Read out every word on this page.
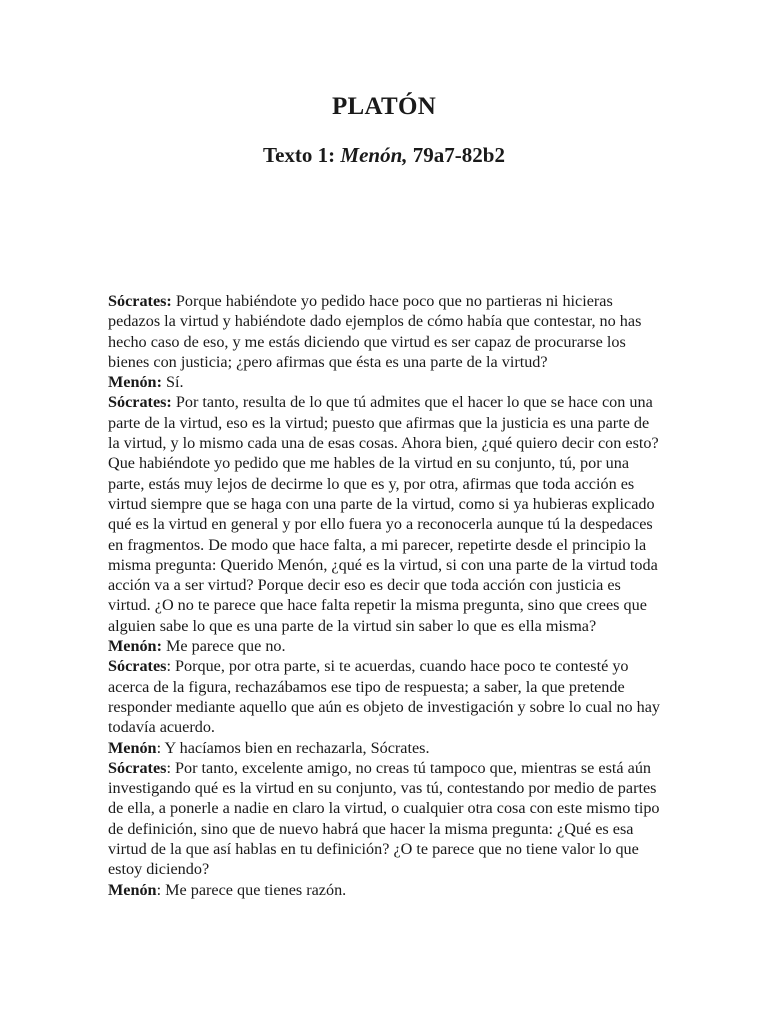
PLATÓN
Texto 1: Menón, 79a7-82b2

Sócrates: Porque habiéndote yo pedido hace poco que no partieras ni hicieras pedazos la virtud y habiéndote dado ejemplos de cómo había que contestar, no has hecho caso de eso, y me estás diciendo que virtud es ser capaz de procurarse los bienes con justicia; ¿pero afirmas que ésta es una parte de la virtud?

Menón: Sí.

Sócrates: Por tanto, resulta de lo que tú admites que el hacer lo que se hace con una parte de la virtud, eso es la virtud; puesto que afirmas que la justicia es una parte de la virtud, y lo mismo cada una de esas cosas. Ahora bien, ¿qué quiero decir con esto? Que habiéndote yo pedido que me hables de la virtud en su conjunto, tú, por una parte, estás muy lejos de decirme lo que es y, por otra, afirmas que toda acción es virtud siempre que se haga con una parte de la virtud, como si ya hubieras explicado qué es la virtud en general y por ello fuera yo a reconocerla aunque tú la despedaces en fragmentos. De modo que hace falta, a mi parecer, repetirte desde el principio la misma pregunta: Querido Menón, ¿qué es la virtud, si con una parte de la virtud toda acción va a ser virtud? Porque decir eso es decir que toda acción con justicia es virtud. ¿O no te parece que hace falta repetir la misma pregunta, sino que crees que alguien sabe lo que es una parte de la virtud sin saber lo que es ella misma?

Menón: Me parece que no.

Sócrates: Porque, por otra parte, si te acuerdas, cuando hace poco te contesté yo acerca de la figura, rechazábamos ese tipo de respuesta; a saber, la que pretende responder mediante aquello que aún es objeto de investigación y sobre lo cual no hay todavía acuerdo.

Menón: Y hacíamos bien en rechazarla, Sócrates.

Sócrates: Por tanto, excelente amigo, no creas tú tampoco que, mientras se está aún investigando qué es la virtud en su conjunto, vas tú, contestando por medio de partes de ella, a ponerle a nadie en claro la virtud, o cualquier otra cosa con este mismo tipo de definición, sino que de nuevo habrá que hacer la misma pregunta: ¿Qué es esa virtud de la que así hablas en tu definición? ¿O te parece que no tiene valor lo que estoy diciendo?

Menón: Me parece que tienes razón.
